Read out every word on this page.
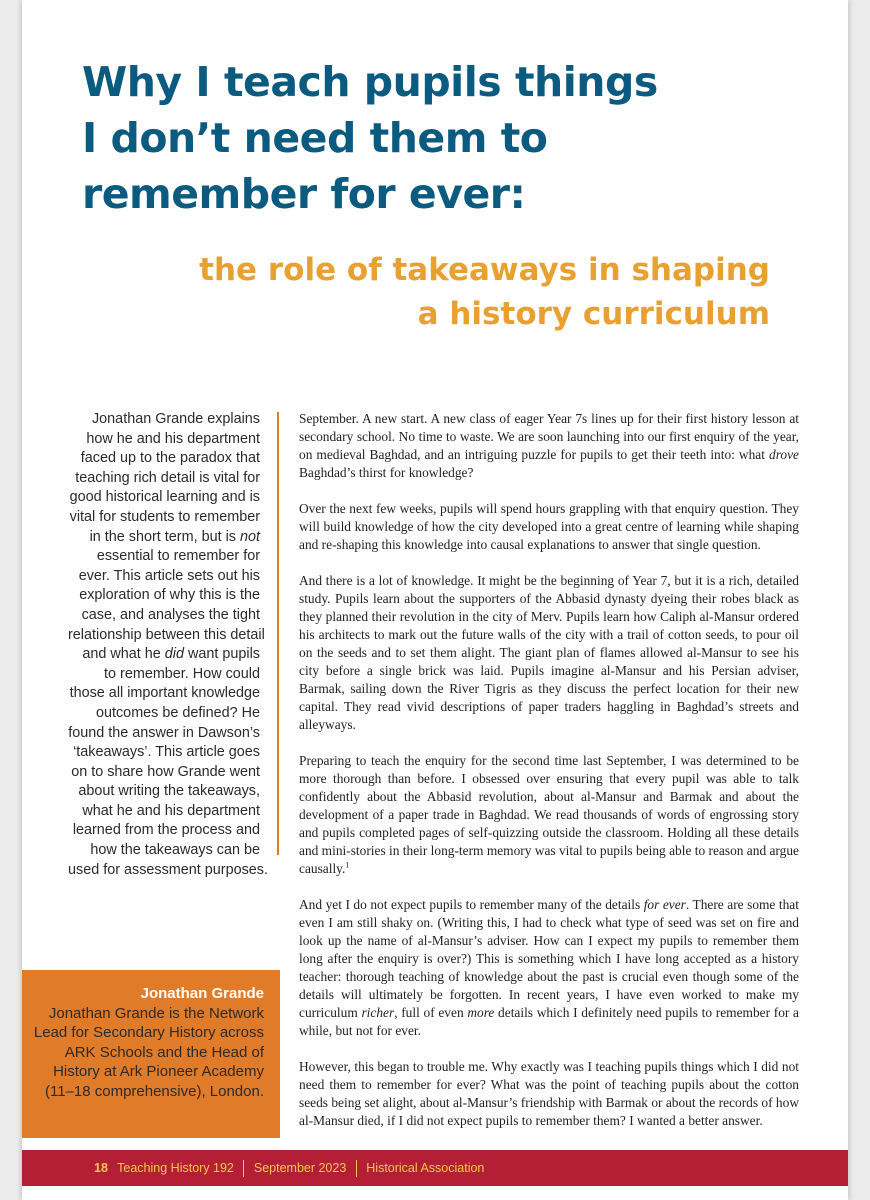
Why I teach pupils things
I don’t need them to
remember for ever:
the role of takeaways in shaping
a history curriculum
Jonathan Grande explains
how he and his department
faced up to the paradox that
teaching rich detail is vital for
good historical learning and is
vital for students to remember
in the short term, but is not
essential to remember for
ever. This article sets out his
exploration of why this is the
case, and analyses the tight
relationship between this detail
and what he did want pupils
to remember. How could
those all important knowledge
outcomes be defined? He
found the answer in Dawson’s
‘takeaways’. This article goes
on to share how Grande went
about writing the takeaways,
what he and his department
learned from the process and
how the takeaways can be
used for assessment purposes.
Jonathan Grande
Jonathan Grande is the Network
Lead for Secondary History across
ARK Schools and the Head of
History at Ark Pioneer Academy
(11–18 comprehensive), London.

September. A new start. A new class of eager Year 7s lines up for their first history lesson at secondary school. No time to waste. We are soon launching into our first enquiry of the year, on medieval Baghdad, and an intriguing puzzle for pupils to get their teeth into: what drove Baghdad’s thirst for knowledge?

Over the next few weeks, pupils will spend hours grappling with that enquiry question. They will build knowledge of how the city developed into a great centre of learning while shaping and re-shaping this knowledge into causal explanations to answer that single question.

And there is a lot of knowledge. It might be the beginning of Year 7, but it is a rich, detailed study. Pupils learn about the supporters of the Abbasid dynasty dyeing their robes black as they planned their revolution in the city of Merv. Pupils learn how Caliph al-Mansur ordered his architects to mark out the future walls of the city with a trail of cotton seeds, to pour oil on the seeds and to set them alight. The giant plan of flames allowed al-Mansur to see his city before a single brick was laid. Pupils imagine al-Mansur and his Persian adviser, Barmak, sailing down the River Tigris as they discuss the perfect location for their new capital. They read vivid descriptions of paper traders haggling in Baghdad’s streets and alleyways.

Preparing to teach the enquiry for the second time last September, I was determined to be more thorough than before. I obsessed over ensuring that every pupil was able to talk confidently about the Abbasid revolution, about al-Mansur and Barmak and about the development of a paper trade in Baghdad. We read thousands of words of engrossing story and pupils completed pages of self-quizzing outside the classroom. Holding all these details and mini-stories in their long-term memory was vital to pupils being able to reason and argue causally.$^1$

And yet I do not expect pupils to remember many of the details for ever. There are some that even I am still shaky on. (Writing this, I had to check what type of seed was set on fire and look up the name of al-Mansur’s adviser. How can I expect my pupils to remember them long after the enquiry is over?) This is something which I have long accepted as a history teacher: thorough teaching of knowledge about the past is crucial even though some of the details will ultimately be forgotten. In recent years, I have even worked to make my curriculum richer, full of even more details which I definitely need pupils to remember for a while, but not for ever.

However, this began to trouble me. Why exactly was I teaching pupils things which I did not need them to remember for ever? What was the point of teaching pupils about the cotton seeds being set alight, about al-Mansur’s friendship with Barmak or about the records of how al-Mansur died, if I did not expect pupils to remember them? I wanted a better answer.

18 Teaching History 192 September 2023 Historical Association
